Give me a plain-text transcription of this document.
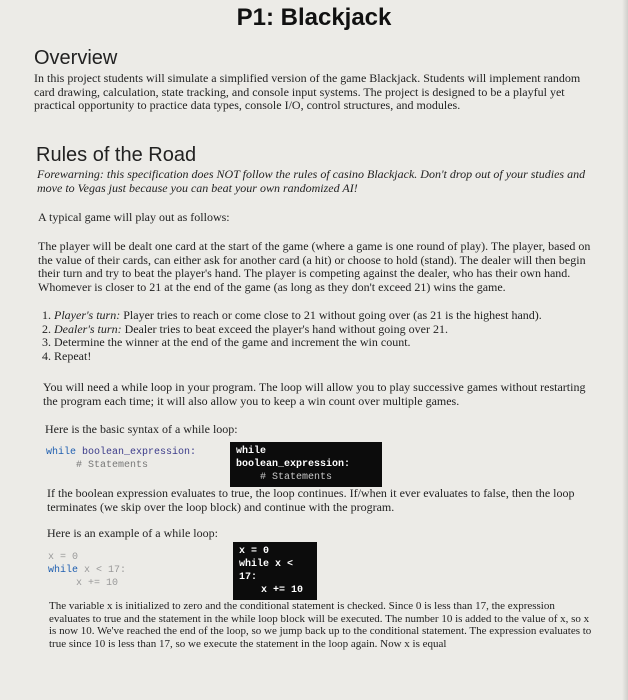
P1: Blackjack
Overview
In this project students will simulate a simplified version of the game Blackjack. Students will implement random card drawing, calculation, state tracking, and console input systems. The project is designed to be a playful yet practical opportunity to practice data types, console I/O, control structures, and modules.
Rules of the Road
Forewarning: this specification does NOT follow the rules of casino Blackjack. Don't drop out of your studies and move to Vegas just because you can beat your own randomized AI!
A typical game will play out as follows:
The player will be dealt one card at the start of the game (where a game is one round of play). The player, based on the value of their cards, can either ask for another card (a hit) or choose to hold (stand). The dealer will then begin their turn and try to beat the player's hand. The player is competing against the dealer, who has their own hand. Whomever is closer to 21 at the end of the game (as long as they don't exceed 21) wins the game.
1. Player's turn: Player tries to reach or come close to 21 without going over (as 21 is the highest hand).
2. Dealer's turn: Dealer tries to beat exceed the player's hand without going over 21.
3. Determine the winner at the end of the game and increment the win count.
4. Repeat!
You will need a while loop in your program. The loop will allow you to play successive games without restarting the program each time; it will also allow you to keep a win count over multiple games.
Here is the basic syntax of a while loop:
while boolean_expression:
# Statements
while boolean_expression:
# Statements
If the boolean expression evaluates to true, the loop continues. If/when it ever evaluates to false, then the loop terminates (we skip over the loop block) and continue with the program.
Here is an example of a while loop:
x = 0
while x < 17:
x += 10
x = 0
while x < 17:
x += 10
The variable x is initialized to zero and the conditional statement is checked. Since 0 is less than 17, the expression evaluates to true and the statement in the while loop block will be executed. The number 10 is added to the value of x, so x is now 10. We've reached the end of the loop, so we jump back up to the conditional statement. The expression evaluates to true since 10 is less than 17, so we execute the statement in the loop again. Now x is equal
